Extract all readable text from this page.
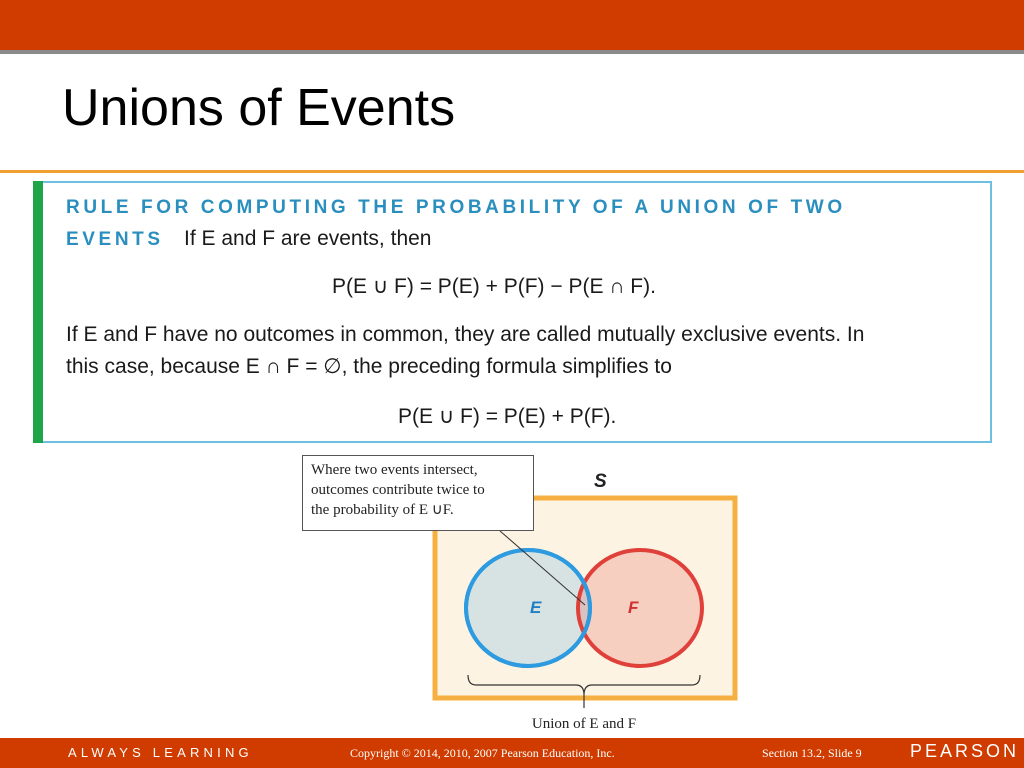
Unions of Events
RULE FOR COMPUTING THE PROBABILITY OF A UNION OF TWO
EVENTS If E and F are events, then
P(E ∪ F) = P(E) + P(F) − P(E ∩ F).
If E and F have no outcomes in common, they are called mutually exclusive events. In
this case, because E ∩ F = ∅, the preceding formula simplifies to
P(E ∪ F) = P(E) + P(F).
S
E	F
Union of E and F
Where two events intersect,
outcomes contribute twice to
the probability of E ∪F.
ALWAYS LEARNING	Copyright © 2014, 2010, 2007 Pearson Education, Inc.	Section 13.2, Slide 9	PEARSON
